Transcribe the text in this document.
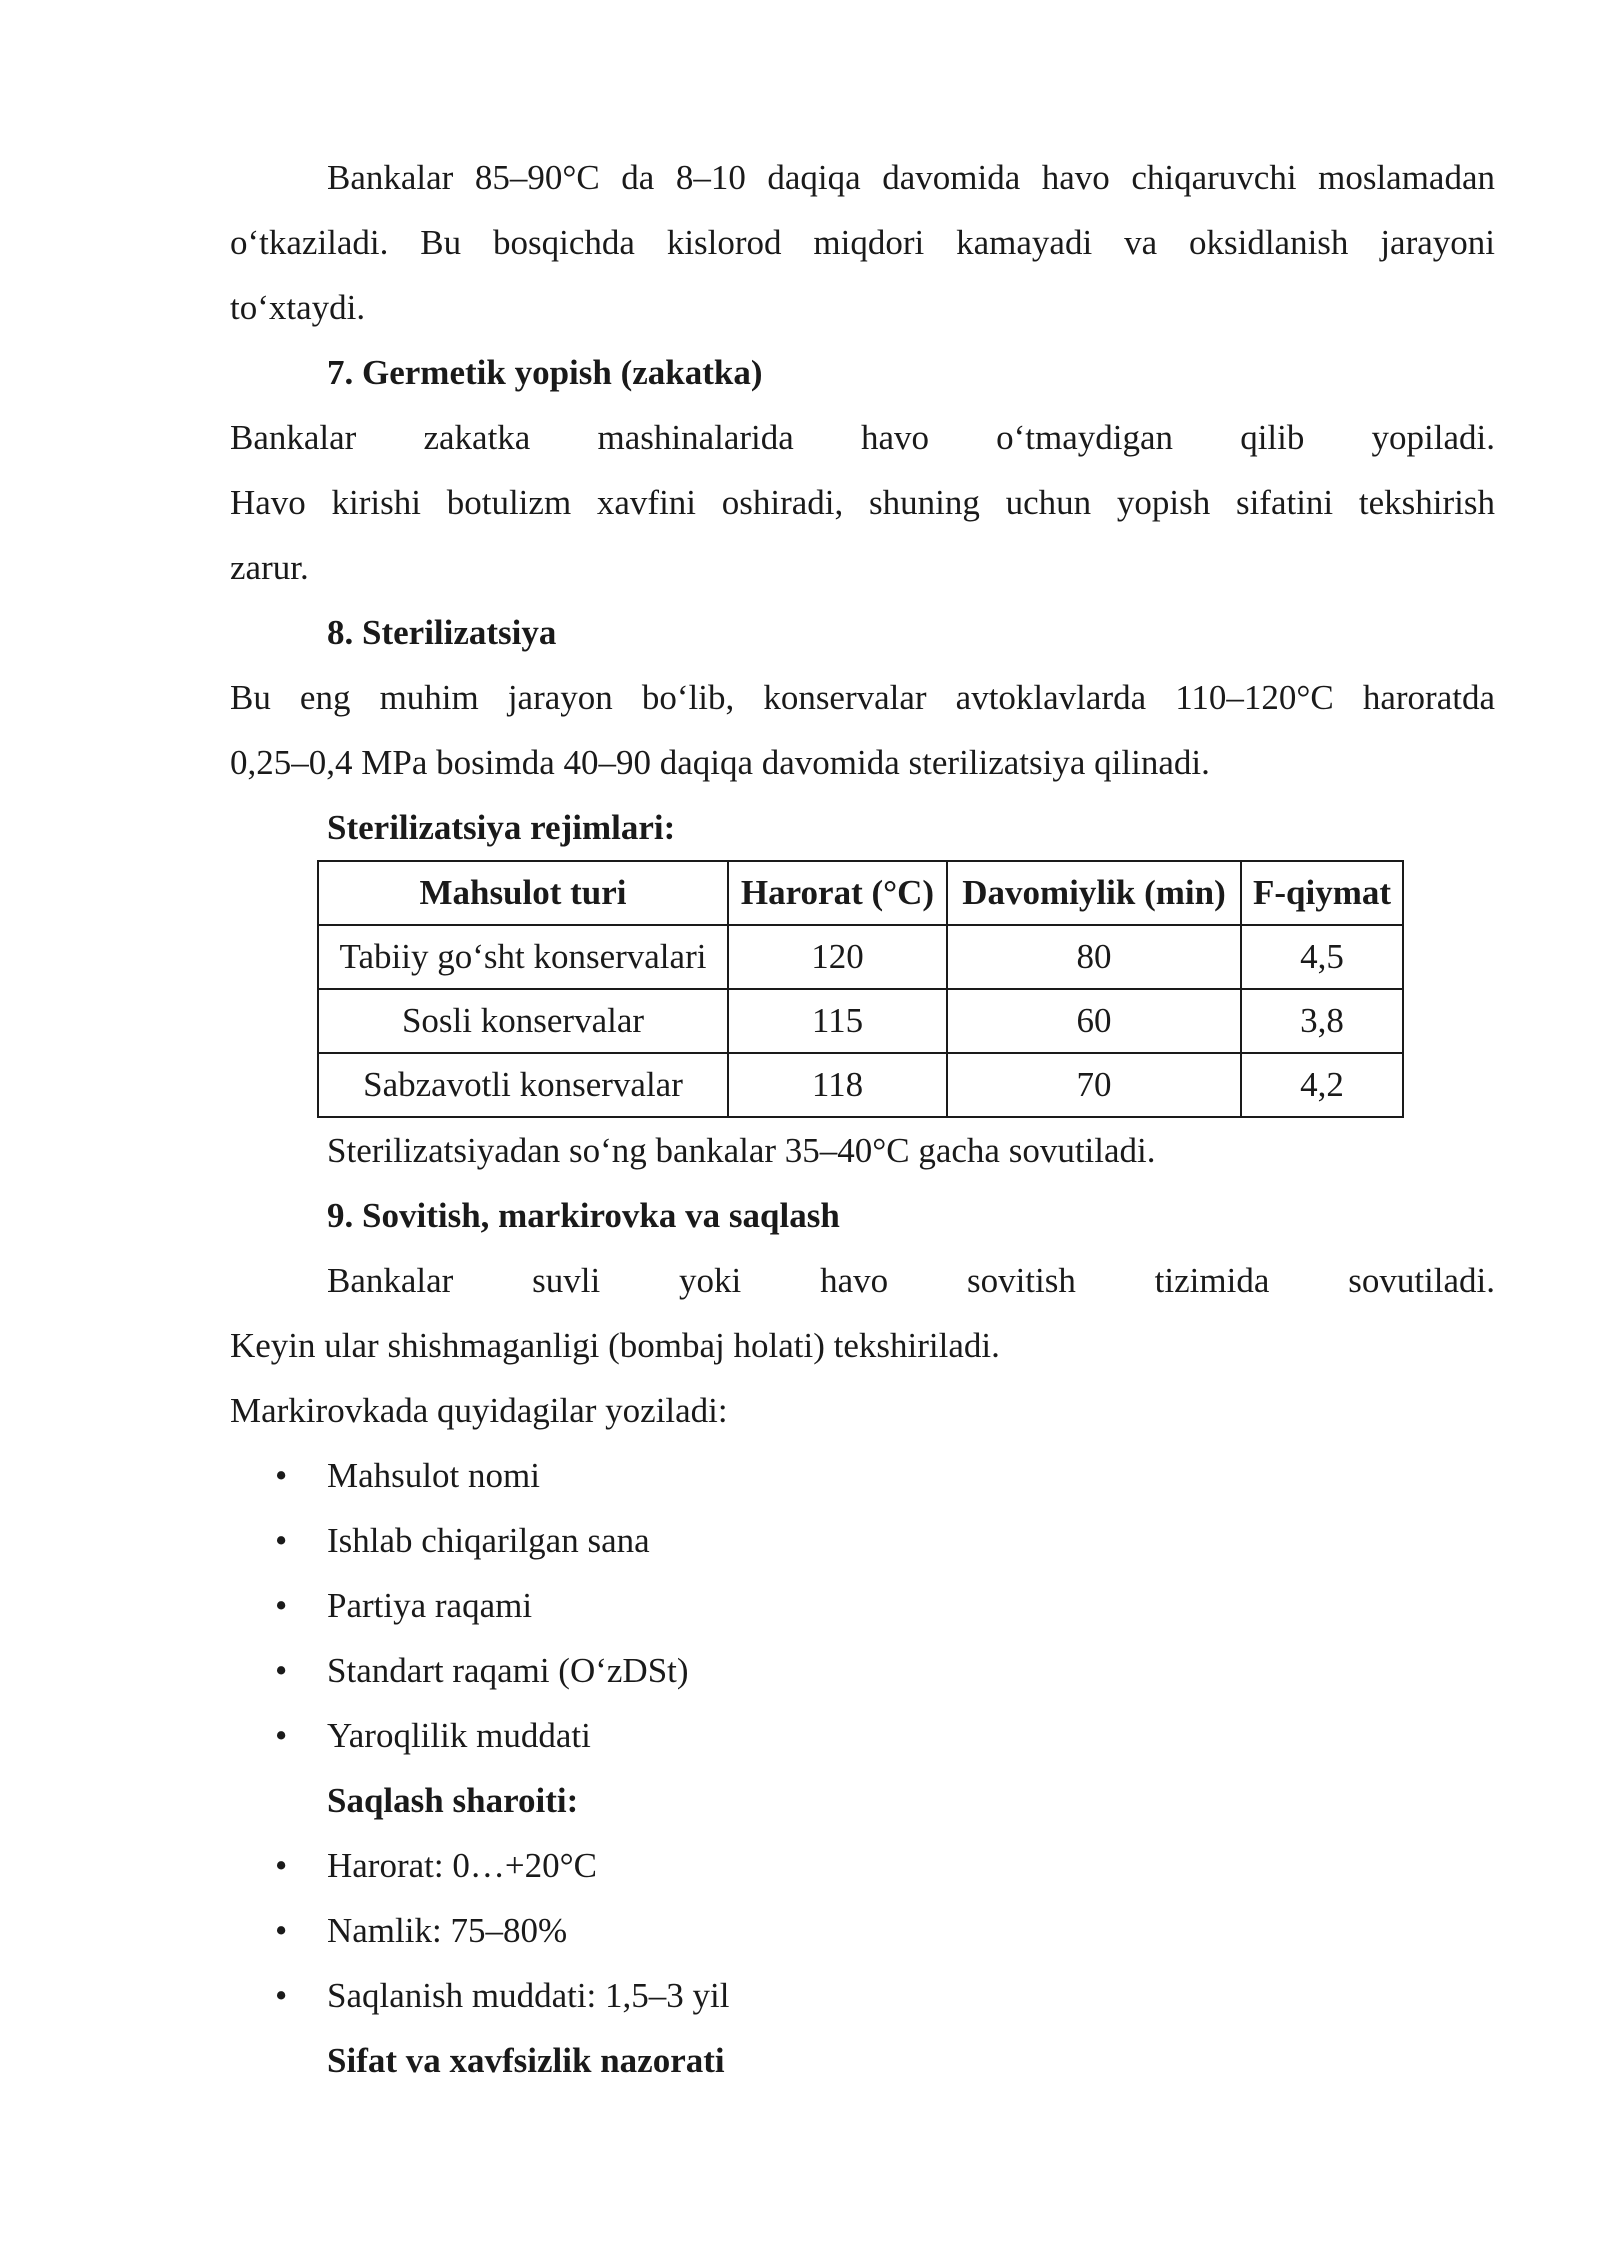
Bankalar 85–90°C da 8–10 daqiqa davomida havo chiqaruvchi moslamadan
o‘tkaziladi. Bu bosqichda kislorod miqdori kamayadi va oksidlanish jarayoni
to‘xtaydi.
7. Germetik yopish (zakatka)
Bankalar zakatka mashinalarida havo o‘tmaydigan qilib yopiladi.
Havo kirishi botulizm xavfini oshiradi, shuning uchun yopish sifatini tekshirish
zarur.
8. Sterilizatsiya
Bu eng muhim jarayon bo‘lib, konservalar avtoklavlarda 110–120°C haroratda
0,25–0,4 MPa bosimda 40–90 daqiqa davomida sterilizatsiya qilinadi.
Sterilizatsiya rejimlari:
Mahsulot turi	Harorat (°C)	Davomiylik (min)	F-qiymat
Tabiiy go‘sht konservalari	120	80	4,5
Sosli konservalar	115	60	3,8
Sabzavotli konservalar	118	70	4,2
Sterilizatsiyadan so‘ng bankalar 35–40°C gacha sovutiladi.
9. Sovitish, markirovka va saqlash
Bankalar suvli yoki havo sovitish tizimida sovutiladi.
Keyin ular shishmaganligi (bombaj holati) tekshiriladi.
Markirovkada quyidagilar yoziladi:
• Mahsulot nomi
• Ishlab chiqarilgan sana
• Partiya raqami
• Standart raqami (O‘zDSt)
• Yaroqlilik muddati
Saqlash sharoiti:
• Harorat: 0…+20°C
• Namlik: 75–80%
• Saqlanish muddati: 1,5–3 yil
Sifat va xavfsizlik nazorati
